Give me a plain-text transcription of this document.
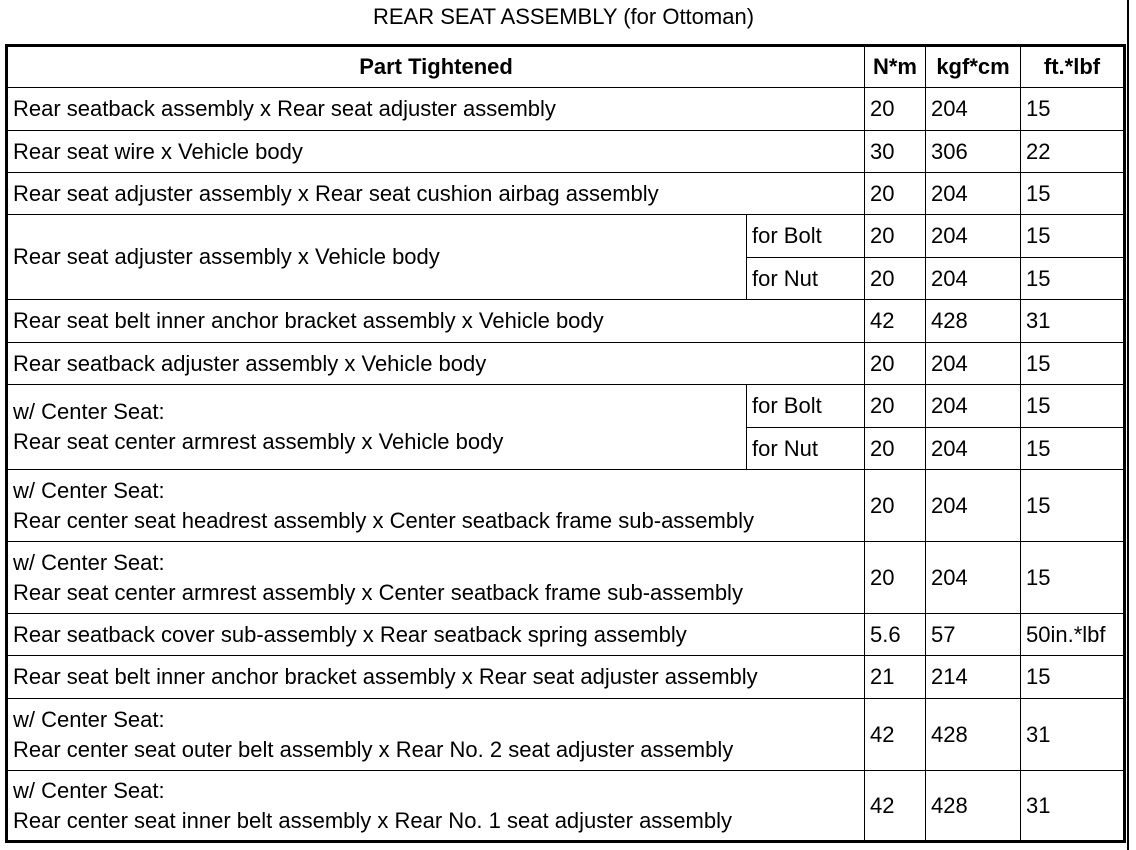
REAR SEAT ASSEMBLY (for Ottoman)
Part Tightened		N*m	kgf*cm	ft.*lbf
Rear seatback assembly x Rear seat adjuster assembly		20	204	15
Rear seat wire x Vehicle body		30	306	22
Rear seat adjuster assembly x Rear seat cushion airbag assembly		20	204	15
Rear seat adjuster assembly x Vehicle body	for Bolt	20	204	15
	for Nut	20	204	15
Rear seat belt inner anchor bracket assembly x Vehicle body		42	428	31
Rear seatback adjuster assembly x Vehicle body		20	204	15

w/ Center Seat:
Rear seat center armrest assembly x Vehicle body	for Bolt	20	204	15
	for Nut	20	204	15

w/ Center Seat:
Rear center seat headrest assembly x Center seatback frame sub-assembly		20	204	15

w/ Center Seat:
Rear seat center armrest assembly x Center seatback frame sub-assembly		20	204	15
Rear seatback cover sub-assembly x Rear seatback spring assembly		5.6	57	50in.*lbf
Rear seat belt inner anchor bracket assembly x Rear seat adjuster assembly		21	214	15

w/ Center Seat:
Rear center seat outer belt assembly x Rear No. 2 seat adjuster assembly		42	428	31

w/ Center Seat:
Rear center seat inner belt assembly x Rear No. 1 seat adjuster assembly		42	428	31
